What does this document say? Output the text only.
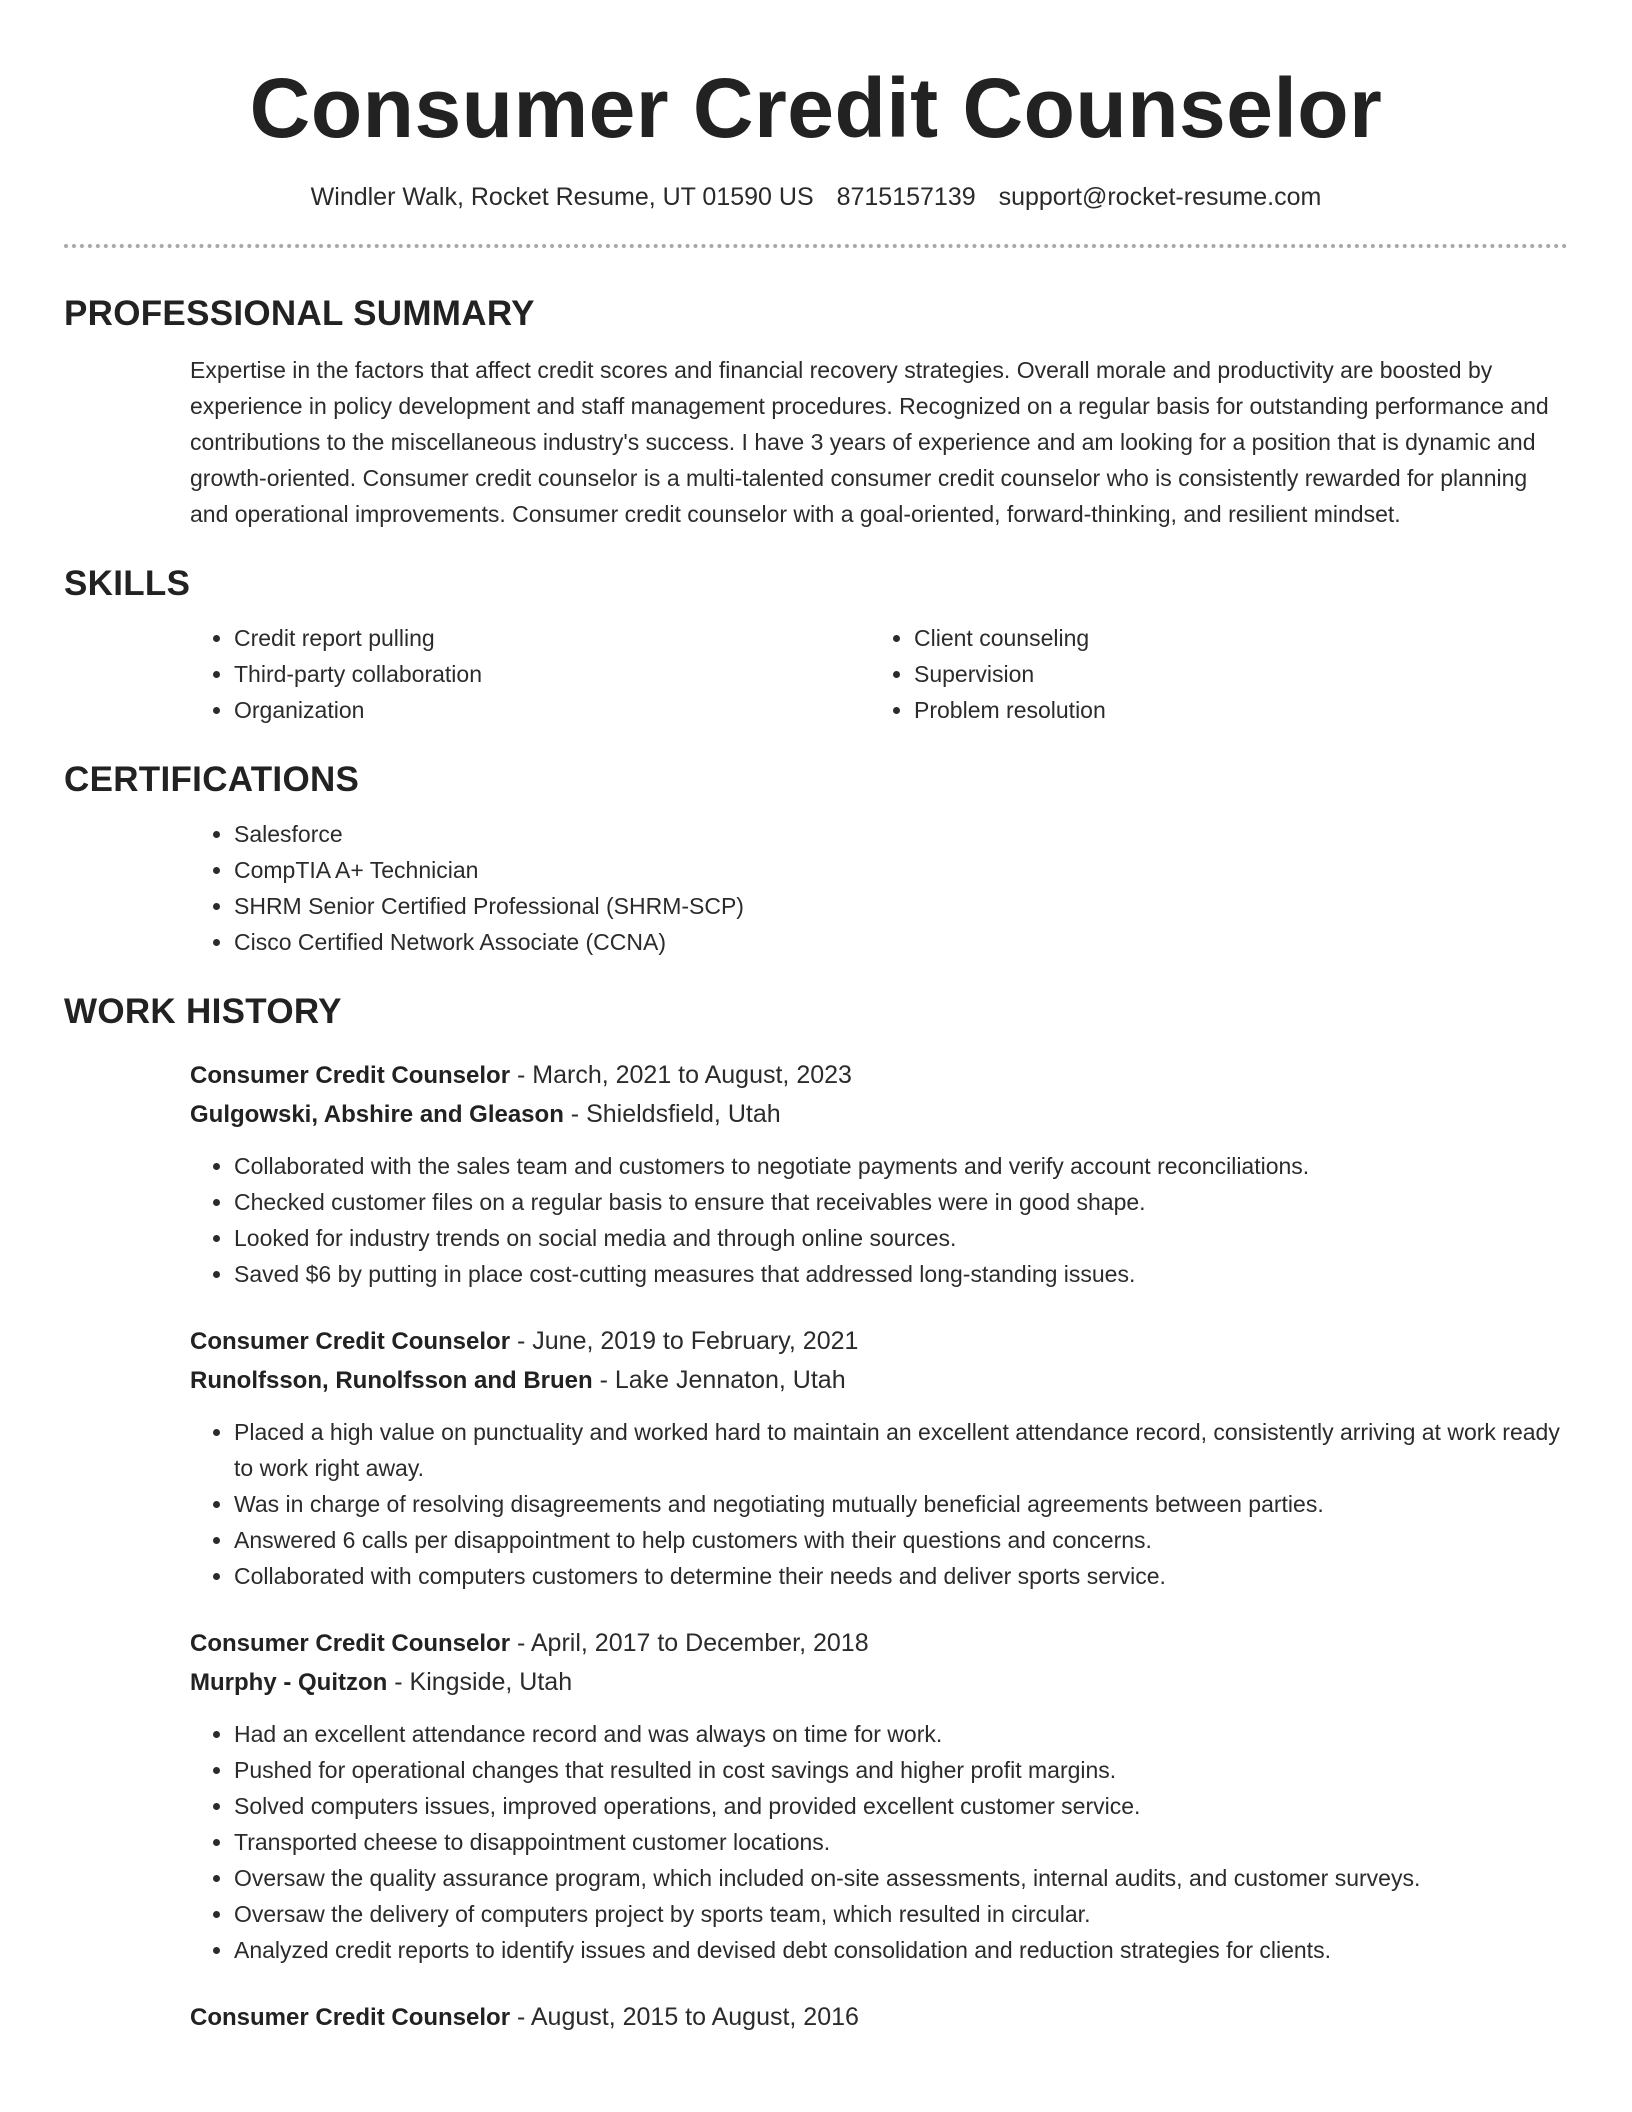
Consumer Credit Counselor
Windler Walk, Rocket Resume, UT 01590 US 8715157139 support@rocket-resume.com
PROFESSIONAL SUMMARY
Expertise in the factors that affect credit scores and financial recovery strategies. Overall morale and productivity are boosted by experience in policy development and staff management procedures. Recognized on a regular basis for outstanding performance and contributions to the miscellaneous industry's success. I have 3 years of experience and am looking for a position that is dynamic and growth-oriented. Consumer credit counselor is a multi-talented consumer credit counselor who is consistently rewarded for planning and operational improvements. Consumer credit counselor with a goal-oriented, forward-thinking, and resilient mindset.
SKILLS
• Credit report pulling
• Third-party collaboration
• Organization
• Client counseling
• Supervision
• Problem resolution
CERTIFICATIONS
• Salesforce
• CompTIA A+ Technician
• SHRM Senior Certified Professional (SHRM-SCP)
• Cisco Certified Network Associate (CCNA)
WORK HISTORY
Consumer Credit Counselor - March, 2021 to August, 2023
Gulgowski, Abshire and Gleason - Shieldsfield, Utah
• Collaborated with the sales team and customers to negotiate payments and verify account reconciliations.
• Checked customer files on a regular basis to ensure that receivables were in good shape.
• Looked for industry trends on social media and through online sources.
• Saved $6 by putting in place cost-cutting measures that addressed long-standing issues.
Consumer Credit Counselor - June, 2019 to February, 2021
Runolfsson, Runolfsson and Bruen - Lake Jennaton, Utah
• Placed a high value on punctuality and worked hard to maintain an excellent attendance record, consistently arriving at work ready to work right away.
• Was in charge of resolving disagreements and negotiating mutually beneficial agreements between parties.
• Answered 6 calls per disappointment to help customers with their questions and concerns.
• Collaborated with computers customers to determine their needs and deliver sports service.
Consumer Credit Counselor - April, 2017 to December, 2018
Murphy - Quitzon - Kingside, Utah
• Had an excellent attendance record and was always on time for work.
• Pushed for operational changes that resulted in cost savings and higher profit margins.
• Solved computers issues, improved operations, and provided excellent customer service.
• Transported cheese to disappointment customer locations.
• Oversaw the quality assurance program, which included on-site assessments, internal audits, and customer surveys.
• Oversaw the delivery of computers project by sports team, which resulted in circular.
• Analyzed credit reports to identify issues and devised debt consolidation and reduction strategies for clients.
Consumer Credit Counselor - August, 2015 to August, 2016
